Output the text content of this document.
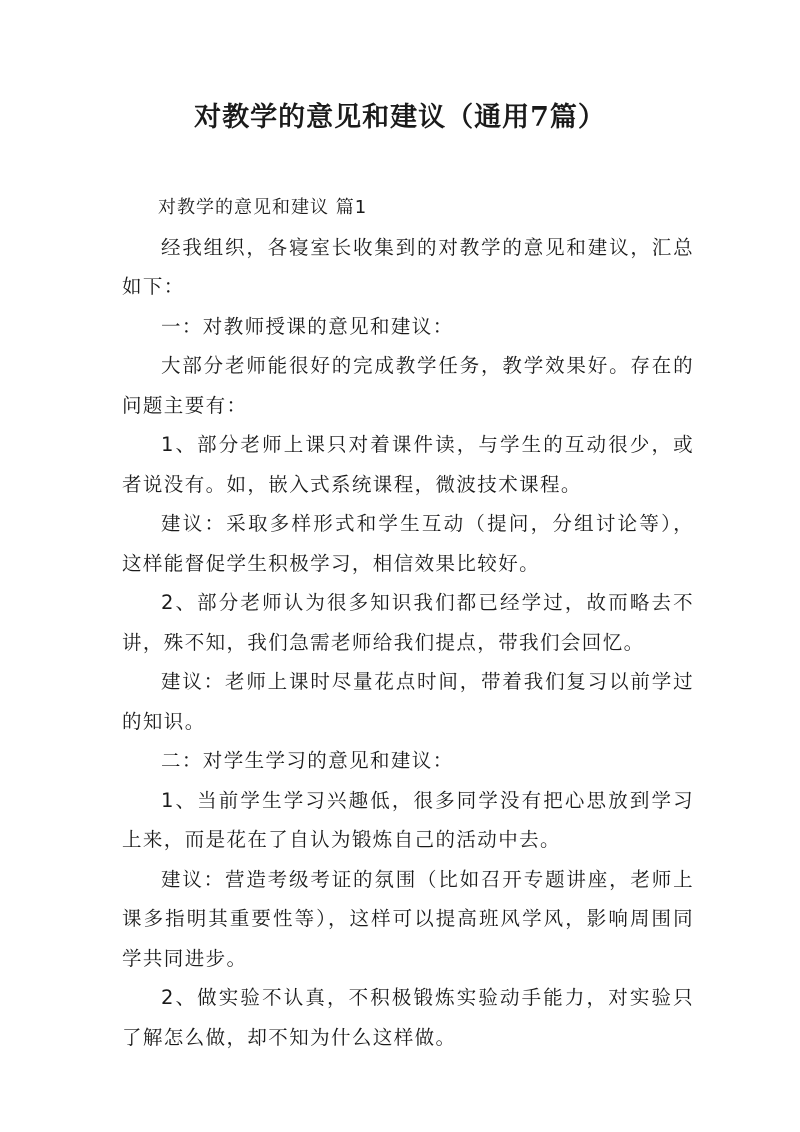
对教学的意见和建议（通用7篇）

对教学的意见和建议 篇1

经我组织，各寝室长收集到的对教学的意见和建议，汇总如下：

一：对教师授课的意见和建议：

大部分老师能很好的完成教学任务，教学效果好。存在的问题主要有：

1、部分老师上课只对着课件读，与学生的互动很少，或者说没有。如，嵌入式系统课程，微波技术课程。

建议：采取多样形式和学生互动（提问，分组讨论等），这样能督促学生积极学习，相信效果比较好。

2、部分老师认为很多知识我们都已经学过，故而略去不讲，殊不知，我们急需老师给我们提点，带我们会回忆。

建议：老师上课时尽量花点时间，带着我们复习以前学过的知识。

二：对学生学习的意见和建议：

1、当前学生学习兴趣低，很多同学没有把心思放到学习上来，而是花在了自认为锻炼自己的活动中去。

建议：营造考级考证的氛围（比如召开专题讲座，老师上课多指明其重要性等），这样可以提高班风学风，影响周围同学共同进步。

2、做实验不认真，不积极锻炼实验动手能力，对实验只了解怎么做，却不知为什么这样做。
